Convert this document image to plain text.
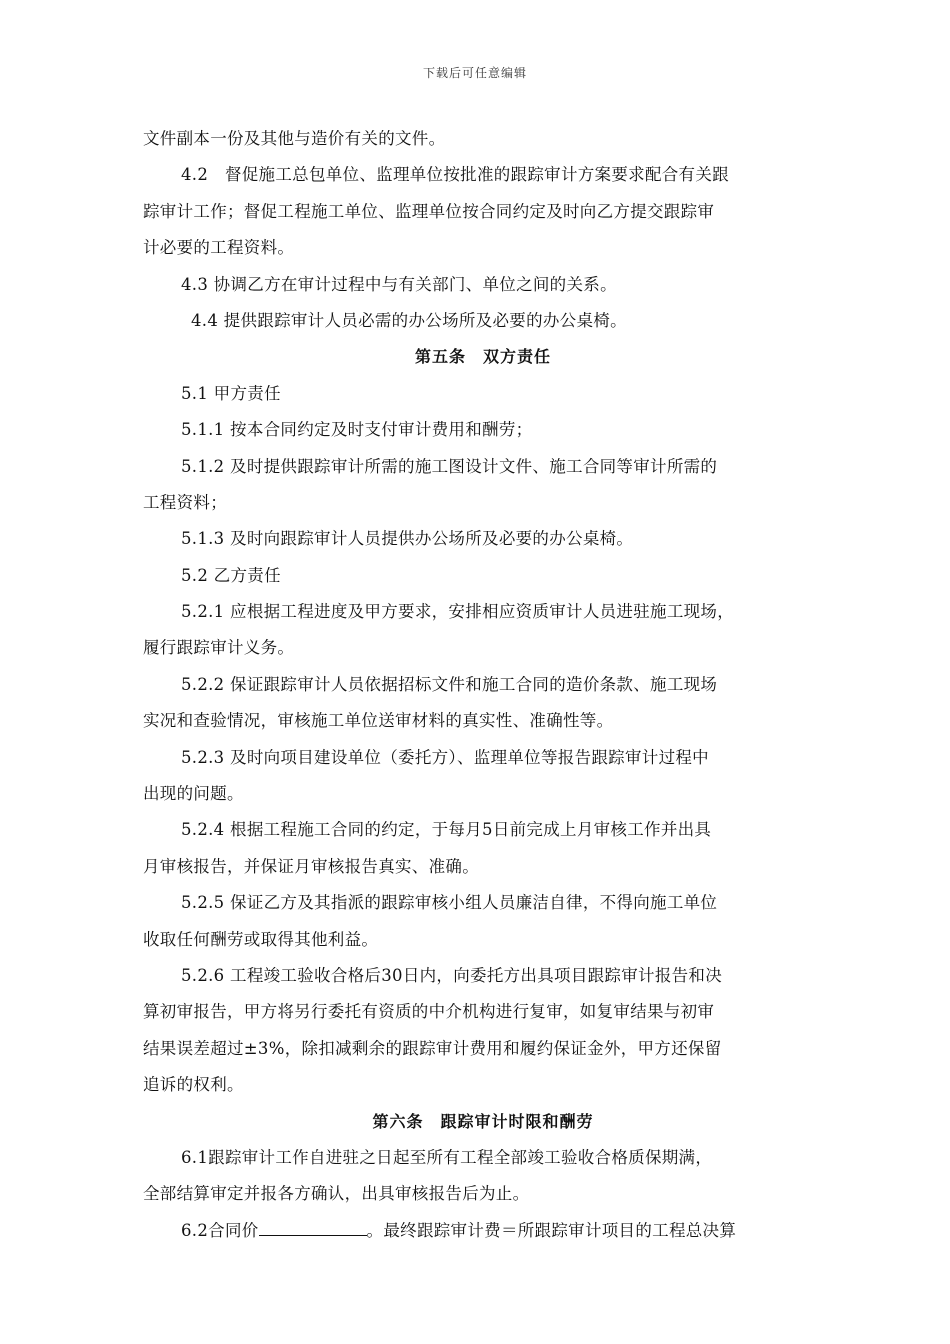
下载后可任意编辑
文件副本一份及其他与造价有关的文件。
4.2　督促施工总包单位、监理单位按批准的跟踪审计方案要求配合有关跟
踪审计工作；督促工程施工单位、监理单位按合同约定及时向乙方提交跟踪审
计必要的工程资料。
4.3 协调乙方在审计过程中与有关部门、单位之间的关系。
4.4 提供跟踪审计人员必需的办公场所及必要的办公桌椅。
第五条　双方责任
5.1 甲方责任
5.1.1 按本合同约定及时支付审计费用和酬劳；
5.1.2 及时提供跟踪审计所需的施工图设计文件、施工合同等审计所需的
工程资料；
5.1.3 及时向跟踪审计人员提供办公场所及必要的办公桌椅。
5.2 乙方责任
5.2.1 应根据工程进度及甲方要求，安排相应资质审计人员进驻施工现场，
履行跟踪审计义务。
5.2.2 保证跟踪审计人员依据招标文件和施工合同的造价条款、施工现场
实况和查验情况，审核施工单位送审材料的真实性、准确性等。
5.2.3 及时向项目建设单位（委托方）、监理单位等报告跟踪审计过程中
出现的问题。
5.2.4 根据工程施工合同的约定，于每月5日前完成上月审核工作并出具
月审核报告，并保证月审核报告真实、准确。
5.2.5 保证乙方及其指派的跟踪审核小组人员廉洁自律，不得向施工单位
收取任何酬劳或取得其他利益。
5.2.6 工程竣工验收合格后30日内，向委托方出具项目跟踪审计报告和决
算初审报告，甲方将另行委托有资质的中介机构进行复审，如复审结果与初审
结果误差超过±3%，除扣减剩余的跟踪审计费用和履约保证金外，甲方还保留
追诉的权利。
第六条　跟踪审计时限和酬劳
6.1跟踪审计工作自进驻之日起至所有工程全部竣工验收合格质保期满，
全部结算审定并报各方确认，出具审核报告后为止。
6.2合同价	。最终跟踪审计费＝所跟踪审计项目的工程总决算
